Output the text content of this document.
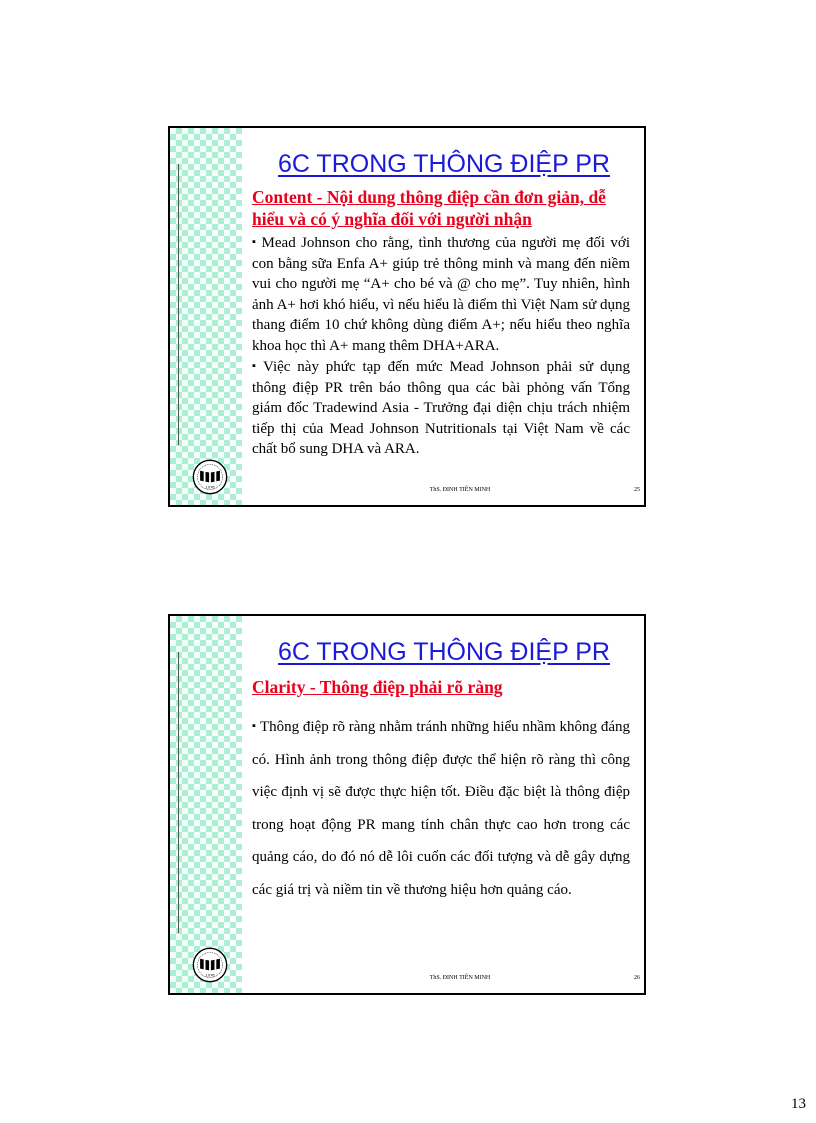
1976
6C TRONG THÔNG ĐIỆP PR
Content - Nội dung thông điệp cần đơn giản, dễ hiểu và có ý nghĩa đối với người nhận

▪ Mead Johnson cho rằng, tình thương của người mẹ đối với con bằng sữa Enfa A+ giúp trẻ thông minh và mang đến niềm vui cho người mẹ “A+ cho bé và @ cho mẹ”. Tuy nhiên, hình ảnh A+ hơi khó hiểu, vì nếu hiểu là điểm thì Việt Nam sử dụng thang điểm 10 chứ không dùng điểm A+; nếu hiểu theo nghĩa khoa học thì A+ mang thêm DHA+ARA.

▪ Việc này phức tạp đến mức Mead Johnson phải sử dụng thông điệp PR trên báo thông qua các bài phỏng vấn Tổng giám đốc Tradewind Asia - Trưởng đại diện chịu trách nhiệm tiếp thị của Mead Johnson Nutritionals tại Việt Nam về các chất bổ sung DHA và ARA.

ThS. ĐINH TIÊN MINH	25
1976
6C TRONG THÔNG ĐIỆP PR
Clarity - Thông điệp phải rõ ràng

▪ Thông điệp rõ ràng nhằm tránh những hiểu nhầm không đáng có. Hình ảnh trong thông điệp được thể hiện rõ ràng thì công việc định vị sẽ được thực hiện tốt. Điều đặc biệt là thông điệp trong hoạt động PR mang tính chân thực cao hơn trong các quảng cáo, do đó nó dễ lôi cuốn các đối tượng và dễ gây dựng các giá trị và niềm tin về thương hiệu hơn quảng cáo.

ThS. ĐINH TIÊN MINH	26
13
